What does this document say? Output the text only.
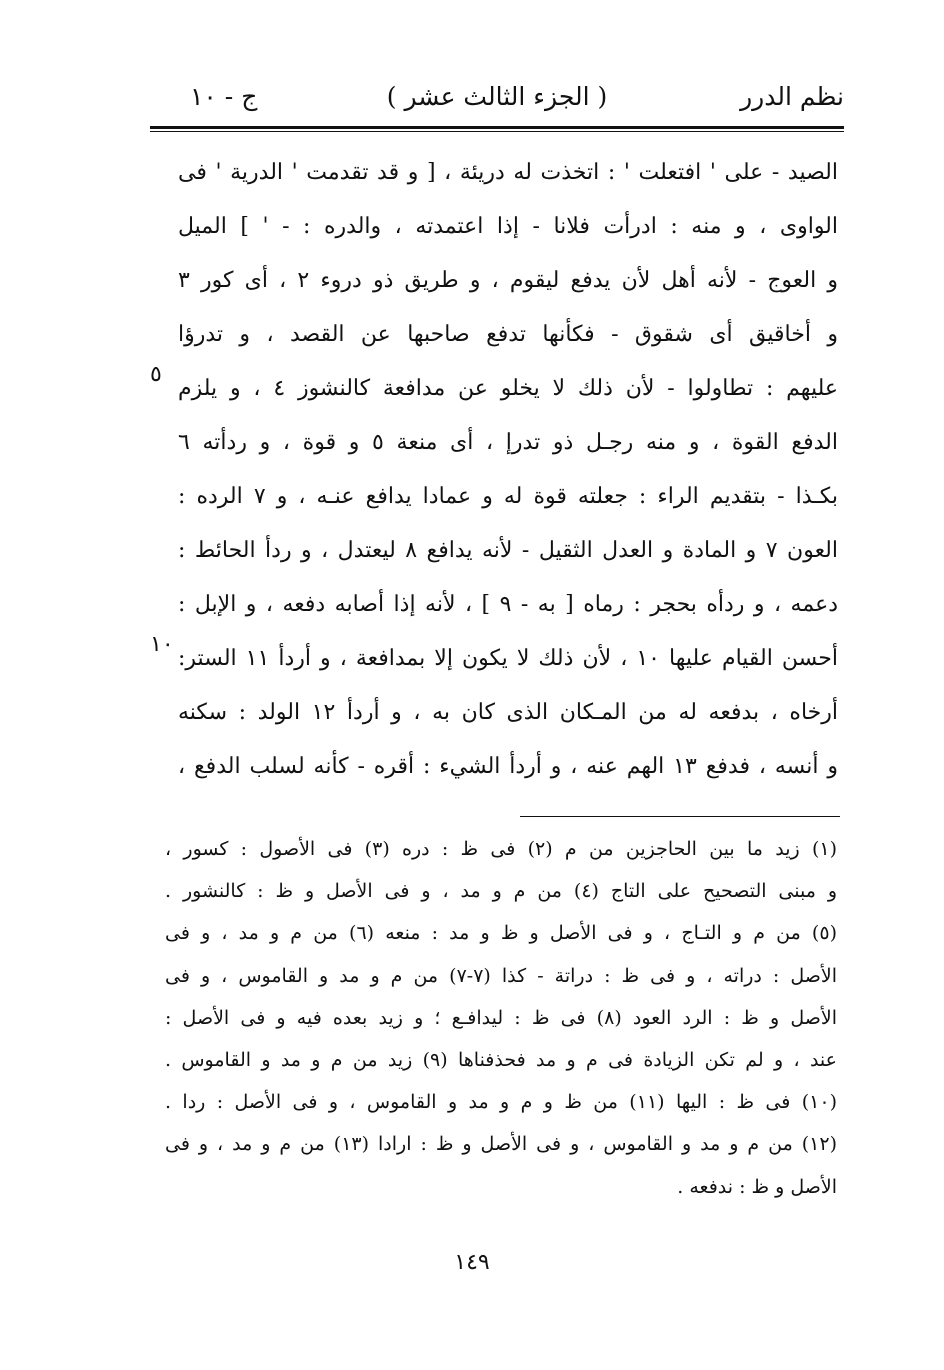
نظم الدرر
( الجزء الثالث عشر )
ج - ١٠
الصيد - على ' افتعلت ' : اتخذت له دريئة ، [ و قد تقدمت ' الدرية ' فى
الواوى ، و منه : ادرأت فلانا - إذا اعتمدته ، والدره : - ' ] الميل
و العوج - لأنه أهل لأن يدفع ليقوم ، و طريق ذو دروء ٢ ، أى كور ٣
و أخاقيق أى شقوق - فكأنها تدفع صاحبها عن القصد ، و تدرؤا
عليهم : تطاولوا - لأن ذلك لا يخلو عن مدافعة كالنشوز ٤ ، و يلزم
الدفع القوة ، و منه رجـل ذو تدرإ ، أى منعة ٥ و قوة ، و ردأته ٦
بكـذا - بتقديم الراء : جعلته قوة له و عمادا يدافع عنـه ، و ٧ الرده :
العون ٧ و المادة و العدل الثقيل - لأنه يدافع ٨ ليعتدل ، و ردأ الحائط :
دعمه ، و ردأه بحجر : رماه [ به - ٩ ] ، لأنه إذا أصابه دفعه ، و الإبل :
أحسن القيام عليها ١٠ ، لأن ذلك لا يكون إلا بمدافعة ، و أردأ ١١ الستر:
أرخاه ، بدفعه له من المـكان الذى كان به ، و أردأ ١٢ الولد : سكنه
و أنسه ، فدفع ١٣ الهم عنه ، و أردأ الشيء : أقره - كأنه لسلب الدفع ،
٥
١٠
(١) زيد ما بين الحاجزين من م (٢) فى ظ : دره (٣) فى الأصول : كسور ،
و مبنى التصحيح على التاج (٤) من م و مد ، و فى الأصل و ظ : كالنشور .
(٥) من م و التـاج ، و فى الأصل و ظ و مد : منعه (٦) من م و مد ، و فى
الأصل : دراته ، و فى ظ : دراتة - كذا (٧-٧) من م و مد و القاموس ، و فى
الأصل و ظ : الرد العود (٨) فى ظ : ليدافـع ؛ و زيد بعده فيه و فى الأصل :
عند ، و لم تكن الزيادة فى م و مد فحذفناها (٩) زيد من م و مد و القاموس .
(١٠) فى ظ : اليها (١١) من ظ و م و مد و القاموس ، و فى الأصل : ردا .
(١٢) من م و مد و القاموس ، و فى الأصل و ظ : ارادا (١٣) من م و مد ، و فى
الأصل و ظ : ندفعه .
١٤٩
